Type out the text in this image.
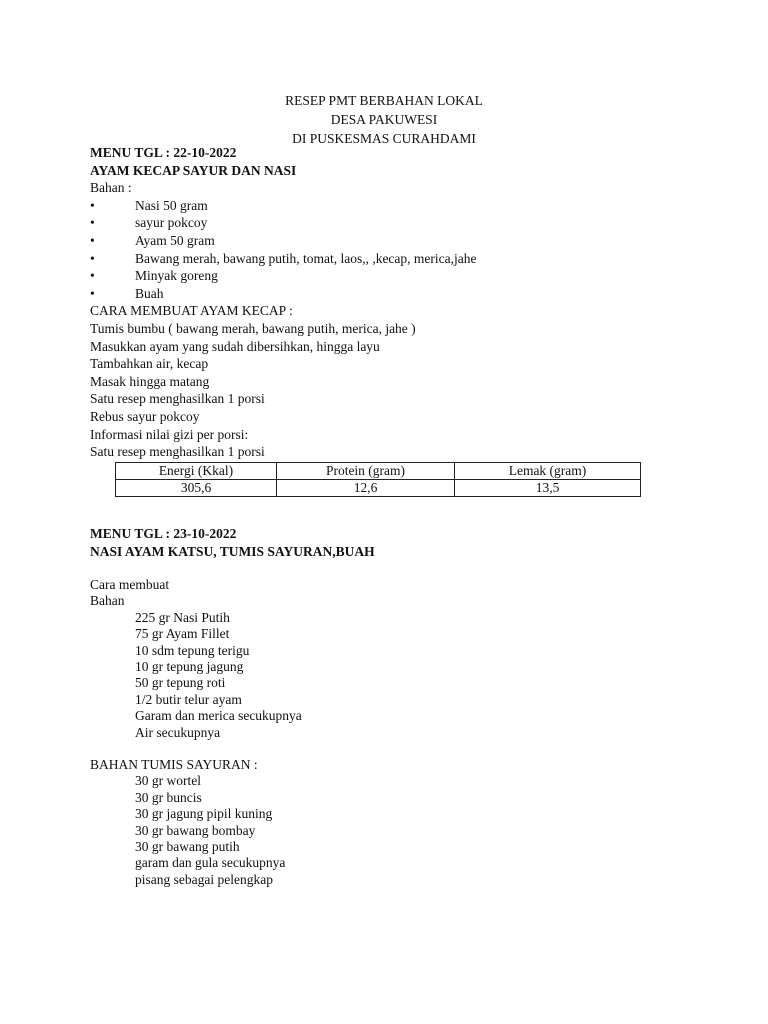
RESEP PMT BERBAHAN LOKAL
DESA PAKUWESI
DI PUSKESMAS CURAHDAMI
MENU TGL : 22-10-2022
AYAM KECAP SAYUR DAN NASI
Bahan :
•	Nasi 50 gram
•	sayur pokcoy
•	Ayam 50 gram
•	Bawang merah, bawang putih, tomat, laos,, ,kecap, merica,jahe
•	Minyak goreng
•	Buah
CARA MEMBUAT AYAM KECAP :
Tumis bumbu ( bawang merah, bawang putih, merica, jahe )
Masukkan ayam yang sudah dibersihkan, hingga layu
Tambahkan air, kecap
Masak hingga matang
Satu resep menghasilkan 1 porsi
Rebus sayur pokcoy
Informasi nilai gizi per porsi:
Satu resep menghasilkan 1 porsi
Energi (Kkal)	Protein (gram)	Lemak (gram)
305,6	12,6	13,5
MENU TGL : 23-10-2022
NASI AYAM KATSU, TUMIS SAYURAN,BUAH
Cara membuat
Bahan
225 gr Nasi Putih
75 gr Ayam Fillet
10 sdm tepung terigu
10 gr tepung jagung
50 gr tepung roti
1/2 butir telur ayam
Garam dan merica secukupnya
Air secukupnya
BAHAN TUMIS SAYURAN :
30 gr wortel
30 gr buncis
30 gr jagung pipil kuning
30 gr bawang bombay
30 gr bawang putih
garam dan gula secukupnya
pisang sebagai pelengkap
